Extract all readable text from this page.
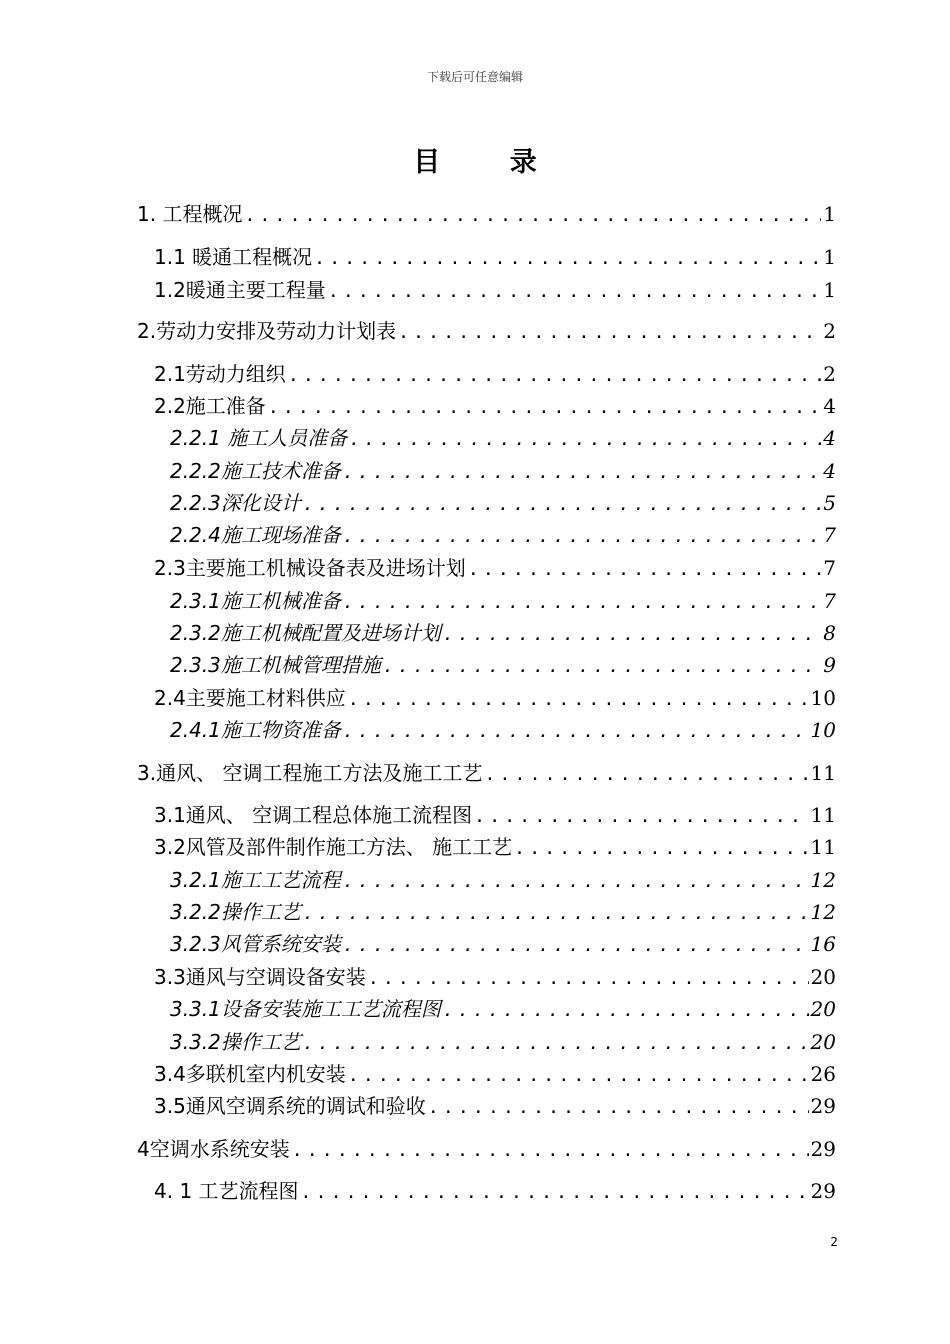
下载后可任意编辑
目 录
1. 工程概况 .....	1
1.1 暖通工程概况 .....	1
1.2暖通主要工程量 .....	1
2.劳动力安排及劳动力计划表 .....	2
2.1劳动力组织 .....	2
2.2施工准备 .....	4
2.2.1 施工人员准备 .....	4
2.2.2施工技术准备 .....	4
2.2.3深化设计 .....	5
2.2.4施工现场准备 .....	7
2.3主要施工机械设备表及进场计划 .....	7
2.3.1施工机械准备 .....	7
2.3.2施工机械配置及进场计划 .....	8
2.3.3施工机械管理措施 .....	9
2.4主要施工材料供应 .....	10
2.4.1施工物资准备 .....	10
3.通风、 空调工程施工方法及施工工艺 .....	11
3.1通风、 空调工程总体施工流程图 .....	11
3.2风管及部件制作施工方法、 施工工艺 .....	11
3.2.1施工工艺流程 .....	12
3.2.2操作工艺 .....	12
3.2.3风管系统安装 .....	16
3.3通风与空调设备安装 .....	20
3.3.1设备安装施工工艺流程图 .....	20
3.3.2操作工艺 .....	20
3.4多联机室内机安装 .....	26
3.5通风空调系统的调试和验收 .....	29
4空调水系统安装 .....	29
4. 1 工艺流程图 .....	29
2
